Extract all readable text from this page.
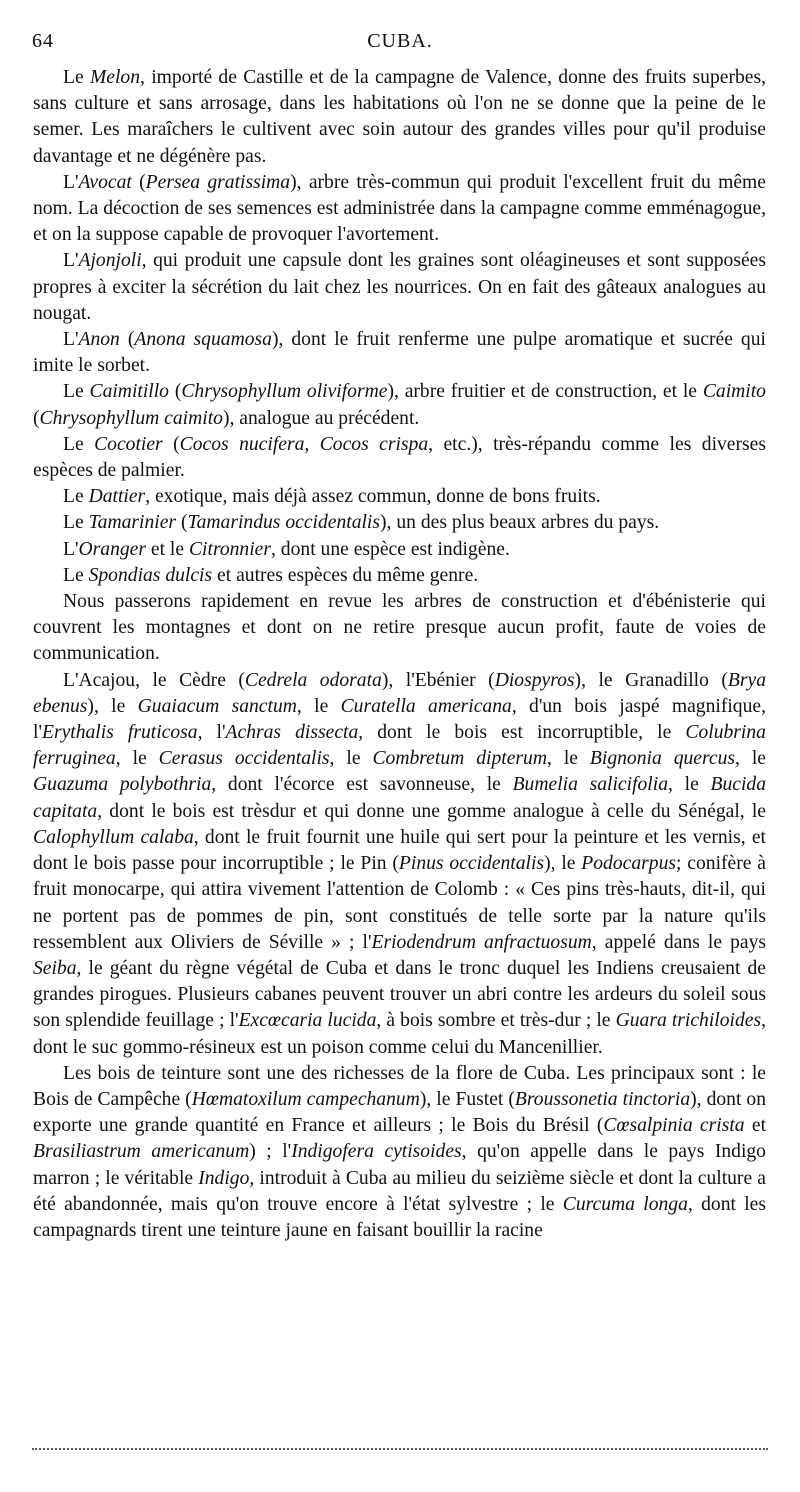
64	CUBA.

Le Melon, importé de Castille et de la campagne de Valence, donne des fruits superbes, sans culture et sans arrosage, dans les habitations où l'on ne se donne que la peine de le semer. Les maraîchers le cultivent avec soin autour des grandes villes pour qu'il produise davantage et ne dégénère pas.

L'Avocat (Persea gratissima), arbre très-commun qui produit l'excellent fruit du même nom. La décoction de ses semences est administrée dans la campagne comme emménagogue, et on la suppose capable de provoquer l'avortement.

L'Ajonjoli, qui produit une capsule dont les graines sont oléagineuses et sont supposées propres à exciter la sécrétion du lait chez les nourrices. On en fait des gâteaux analogues au nougat.

L'Anon (Anona squamosa), dont le fruit renferme une pulpe aromatique et sucrée qui imite le sorbet.

Le Caimitillo (Chrysophyllum oliviforme), arbre fruitier et de construction, et le Caimito (Chrysophyllum caimito), analogue au précédent.

Le Cocotier (Cocos nucifera, Cocos crispa, etc.), très-répandu comme les diverses espèces de palmier.

Le Dattier, exotique, mais déjà assez commun, donne de bons fruits.

Le Tamarinier (Tamarindus occidentalis), un des plus beaux arbres du pays.

L'Oranger et le Citronnier, dont une espèce est indigène.

Le Spondias dulcis et autres espèces du même genre.

Nous passerons rapidement en revue les arbres de construction et d'ébénisterie qui couvrent les montagnes et dont on ne retire presque aucun profit, faute de voies de communication.

L'Acajou, le Cèdre (Cedrela odorata), l'Ebénier (Diospyros), le Granadillo (Brya ebenus), le Guaiacum sanctum, le Curatella americana, d'un bois jaspé magnifique, l'Erythalis fruticosa, l'Achras dissecta, dont le bois est incorruptible, le Colubrina ferruginea, le Cerasus occidentalis, le Combretum dipterum, le Bignonia quercus, le Guazuma polybothria, dont l'écorce est savonneuse, le Bumelia salicifolia, le Bucida capitata, dont le bois est trèsdur et qui donne une gomme analogue à celle du Sénégal, le Calophyllum calaba, dont le fruit fournit une huile qui sert pour la peinture et les vernis, et dont le bois passe pour incorruptible ; le Pin (Pinus occidentalis), le Podocarpus; conifère à fruit monocarpe, qui attira vivement l'attention de Colomb : « Ces pins très-hauts, dit-il, qui ne portent pas de pommes de pin, sont constitués de telle sorte par la nature qu'ils ressemblent aux Oliviers de Séville » ; l'Eriodendrum anfractuosum, appelé dans le pays Seiba, le géant du règne végétal de Cuba et dans le tronc duquel les Indiens creusaient de grandes pirogues. Plusieurs cabanes peuvent trouver un abri contre les ardeurs du soleil sous son splendide feuillage ; l'Excœcaria lucida, à bois sombre et très-dur ; le Guara trichiloides, dont le suc gommo-résineux est un poison comme celui du Mancenillier.

Les bois de teinture sont une des richesses de la flore de Cuba. Les principaux sont : le Bois de Campêche (Hœmatoxilum campechanum), le Fustet (Broussonetia tinctoria), dont on exporte une grande quantité en France et ailleurs ; le Bois du Brésil (Cœsalpinia crista et Brasiliastrum americanum) ; l'Indigofera cytisoides, qu'on appelle dans le pays Indigo marron ; le véritable Indigo, introduit à Cuba au milieu du seizième siècle et dont la culture a été abandonnée, mais qu'on trouve encore à l'état sylvestre ; le Curcuma longa, dont les campagnards tirent une teinture jaune en faisant bouillir la racine
